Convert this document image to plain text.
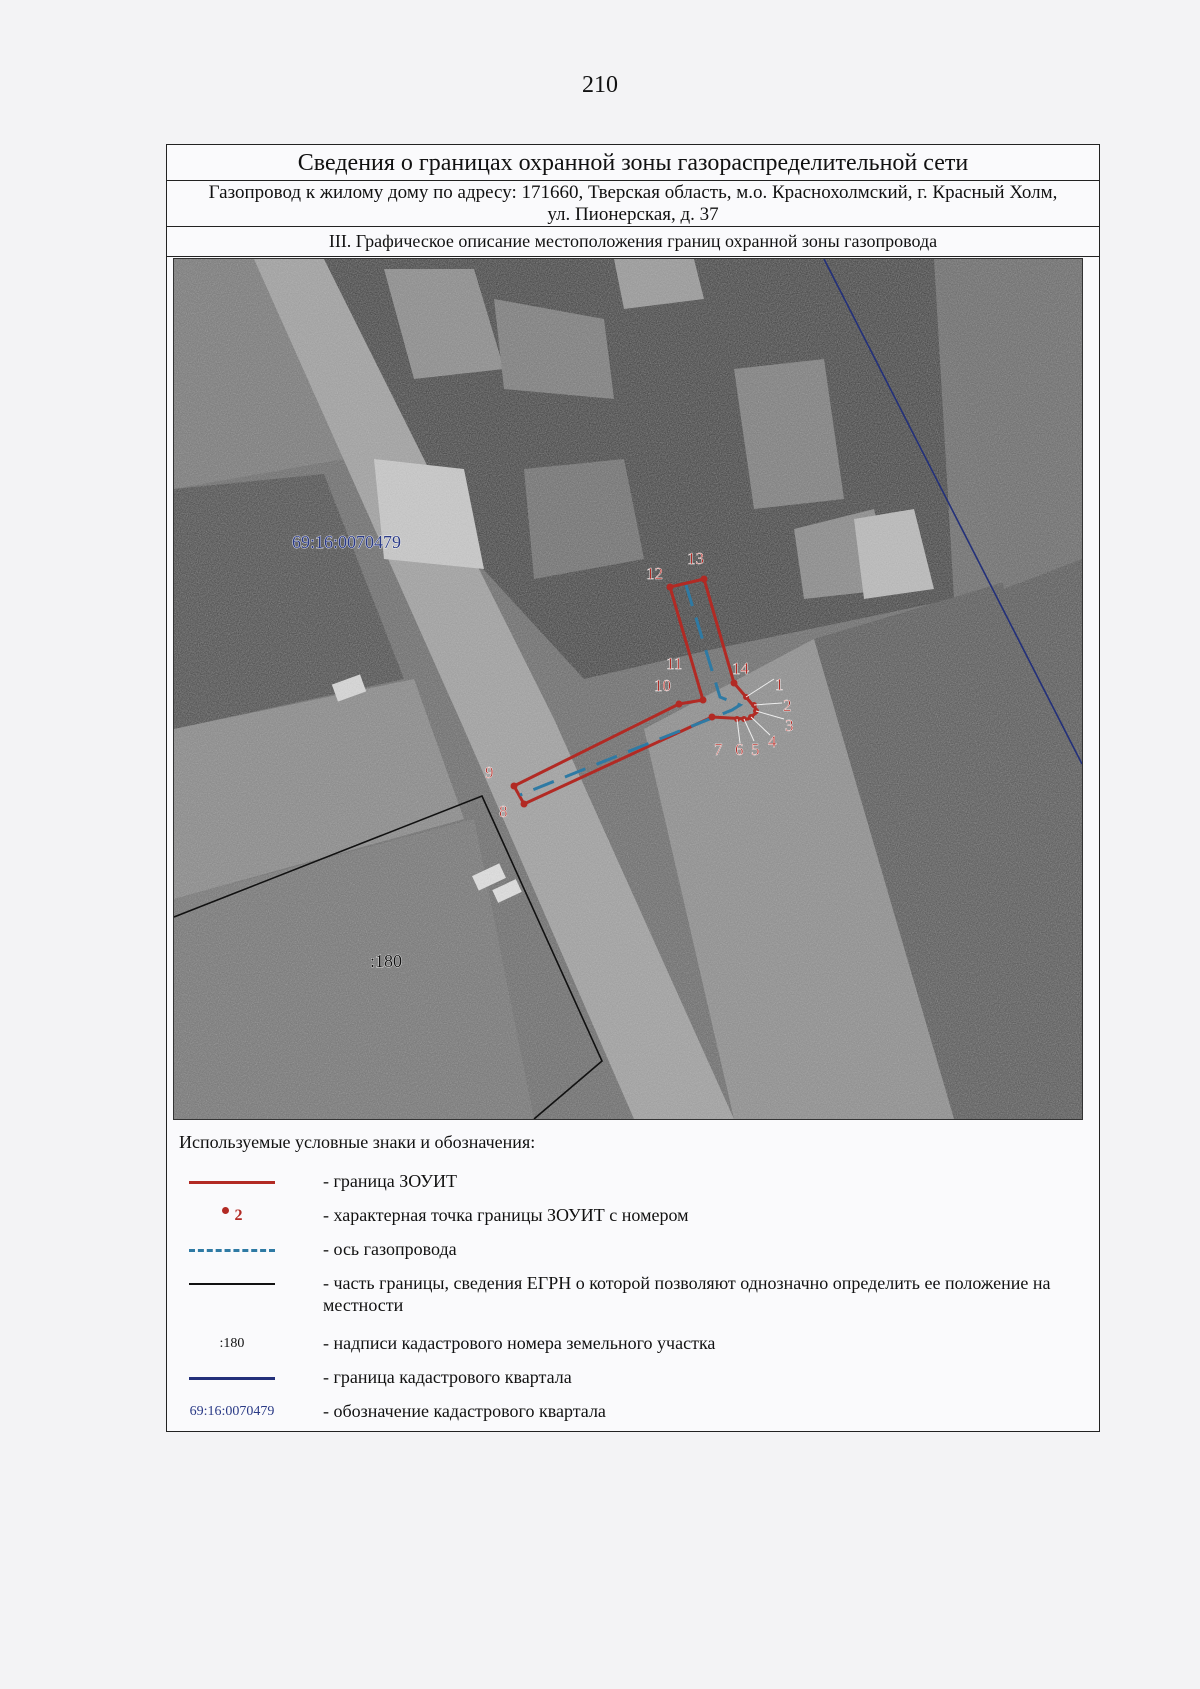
210
Сведения о границах охранной зоны газораспределительной сети
Газопровод к жилому дому по адресу: 171660, Тверская область, м.о. Краснохолмский, г. Красный Холм,
ул. Пионерская, д. 37
III. Графическое описание местоположения границ охранной зоны газопровода
12
13
14
1
2
3
4
5
6
7
8
9
10
11
69:16:0070479
:180
Используемые условные знаки и обозначения:
- граница ЗОУИТ
2	- характерная точка границы ЗОУИТ с номером
- ось газопровода
- часть границы, сведения ЕГРН о которой позволяют однозначно определить ее положение на местности
:180	- надписи кадастрового номера земельного участка
- граница кадастрового квартала
69:16:0070479	- обозначение кадастрового квартала
